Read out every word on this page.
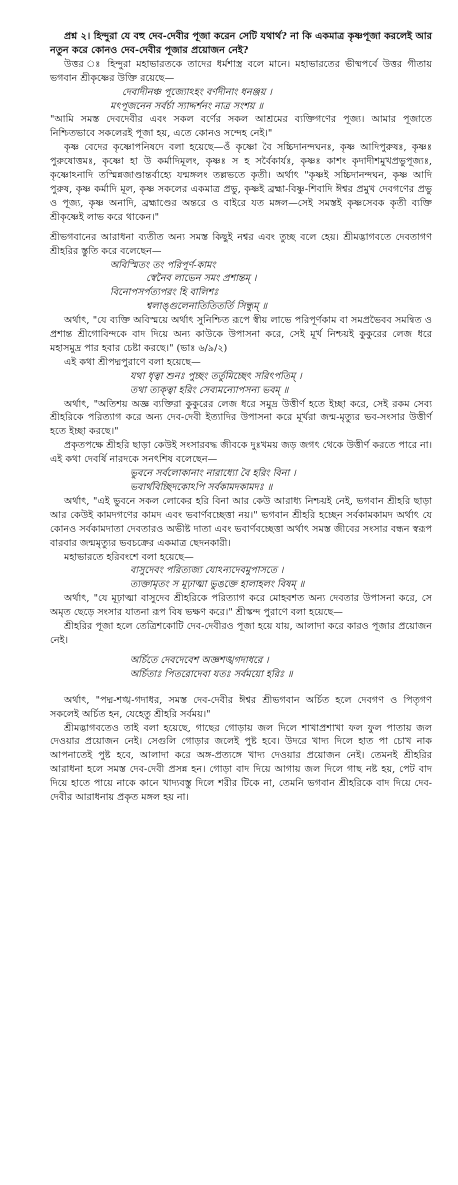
প্রশ্ন ২। হিন্দুরা যে বহু দেব-দেবীর পূজা করেন সেটি যথার্থ? না কি একমাত্র কৃষ্ণপূজা করলেই আর নতুন করে কোনও দেব-দেবীর পূজার প্রয়োজন নেই?

উত্তর ঃ হিন্দুরা মহাভারতকে তাদের ধর্মশাস্ত্র বলে মানে। মহাভারতের ভীষ্মপর্বে উত্তর গীতায় ভগবান শ্রীকৃষ্ণের উক্তি রয়েছে—

দেবাদীনঞ্চ পূজ্যোঽহং বর্ণদীনাং ধনঞ্জয় ।

মৎপূজনেন সর্বর্চা স্যাদ্দর্শনং নাত্র সংশয় ॥

"আমি সমস্ত দেবদেবীর এবং সকল বর্ণের সকল আশ্রমের ব্যক্তিগণের পূজ্য। আমার পূজাতে নিশ্চিতভাবে সকলেরই পূজা হয়, এতে কোনও সন্দেহ নেই।"

কৃষ্ণ বেদের কৃষ্ণোপনিষদে বলা হয়েছে—ওঁ কৃষ্ণো বৈ সচ্চিদানন্দঘনঃ, কৃষ্ণ আদিপুরুষঃ, কৃষ্ণঃ পুরুষোত্তমঃ, কৃষ্ণো হা উ কর্মাদিমূলং, কৃষ্ণঃ স হ সর্বৈকার্যঃ, কৃষ্ণঃ কাশং কৃদাদীশমুখপ্রভুপূজ্যঃ, কৃষ্ণোঽনাদি তস্মিন্নজাণ্ডান্তর্বাহ্যে যন্মঙ্গলং তল্লভতে কৃতী। অর্থাৎ "কৃষ্ণই সচ্চিদানন্দঘন, কৃষ্ণ আদি পুরুষ, কৃষ্ণ কর্মাদি মূল, কৃষ্ণ সকলের একমাত্র প্রভু, কৃষ্ণই ব্রহ্মা-বিষ্ণু-শিবাদি ঈশ্বর প্রমুখ দেবগণের প্রভু ও পূজ্য, কৃষ্ণ অনাদি, ব্রহ্মাণ্ডের অন্তরে ও বাইরে যত মঙ্গল—সেই সমস্তই কৃষ্ণসেবক কৃতী ব্যক্তি শ্রীকৃষ্ণেই লাভ করে থাকেন।"

শ্রীভগবানের আরাধনা ব্যতীত অন্য সমস্ত কিছুই নশ্বর এবং তুচ্ছ বলে হেয়। শ্রীমদ্ভাগবতে দেবতাগণ শ্রীহরির স্তুতি করে বলেছেন—

অবিস্মিতং তং পরিপূর্ণ-কামং

স্বেনৈব লাভেন সমং প্রশান্তম্ ।

বিনোপসর্পত্যপরং হি বালিশঃ

শ্বলাঙ্গুলেনাতিতিতর্তি সিন্ধুম্ ॥

অর্থাৎ, "যে ব্যক্তি অবিস্ময়ে অর্থাৎ সুনিশ্চিত রূপে স্বীয় লাভে পরিপূর্ণকাম বা সমপ্রভৈবব সমন্বিত ও প্রশান্ত শ্রীগোবিন্দকে বাদ দিয়ে অন্য কাউকে উপাসনা করে, সেই মূর্খ নিশ্চয়ই কুকুরের লেজ ধরে মহাসমুদ্র পার হবার চেষ্টা করছে।" (ভাঃ ৬/৯/২)

এই কথা শ্রীপদ্মপুরাণে বলা হয়েছে—

যথা ধৃত্বা শুনঃ পুচ্ছং তর্তুমিচ্ছেৎ সরিৎপতিম্ ।

তথা ত্যক্ত্বা হরিং সেব্যমন্যোপসন্য ভবম্ ॥

অর্থাৎ, "অতিশয় অজ্ঞ ব্যক্তিরা কুকুরের লেজ ধরে সমুদ্র উত্তীর্ণ হতে ইচ্ছা করে, সেই রকম সেব্য শ্রীহরিকে পরিত্যাগ করে অন্য দেব-দেবী ইত্যাদির উপাসনা করে মূর্খরা জন্ম-মৃত্যুর ভব-সংসার উত্তীর্ণ হতে ইচ্ছা করছে।"

প্রকৃতপক্ষে শ্রীহরি ছাড়া কেউই সংসারবদ্ধ জীবকে দুঃখময় জড় জগৎ থেকে উত্তীর্ণ করতে পারে না। এই কথা দেবর্ষি নারদকে সনৎশিষ বলেছেন—

ভুবনে সর্বলোকানাং নারাধ্যো বৈ হরিং বিনা ।

ভবার্থবিচ্ছিদকোঽপি সর্বকামদকামদঃ ॥

অর্থাৎ, "এই ভুবনে সকল লোকের হরি বিনা আর কেউ আরাধ্য নিশ্চয়ই নেই, ভগবান শ্রীহরি ছাড়া আর কেউই কামদগণের কামদ এবং ভবার্ণবচ্ছেত্তা নয়।" ভগবান শ্রীহরি হচ্ছেন সর্বকামকামদ অর্থাৎ যে কোনও সর্বকামদাতা দেবতারও অভীষ্ট দাতা এবং ভবার্ণবচ্ছেত্তা অর্থাৎ সমস্ত জীবের সংসার বন্ধন স্বরূপ বারবার জন্মমৃত্যুর ভবচক্রের একমাত্র ছেদনকারী।

মহাভারতে হরিবংশে বলা হয়েছে—

বাসুদেবং পরিত্যজ্য যোঽন্যদেবমুপাসতে ।

ত্যক্তামৃতং স মূঢ়াত্মা ভুঙক্তে হালাহলং বিষম্ ॥

অর্থাৎ, "যে মূঢ়াত্মা বাসুদেব শ্রীহরিকে পরিত্যাগ করে মোহবশত অন্য দেবতার উপাসনা করে, সে অমৃত ছেড়ে সংসার যাতনা রূপ বিষ ভক্ষণ করে।" শ্রীস্কন্দ পুরাণে বলা হয়েছে—

শ্রীহরির পূজা হলে তেত্রিশকোটি দেব-দেবীরও পূজা হয়ে যায়, আলাদা করে কারও পূজার প্রয়োজন নেই।

অর্চিতে দেবদেবেশ অজ্ঞশঙ্খগদাধরে ।

অর্চিতাঃ পিতরোদেবা যতঃ সর্বময়ো হরিঃ ॥

অর্থাৎ, "পদ্ম-শঙ্খ-গদাধর, সমস্ত দেব-দেবীর ঈশ্বর শ্রীভগবান অর্চিত হলে দেবগণ ও পিতৃগণ সকলেই অর্চিত হন, যেহেতু শ্রীহরি সর্বময়।"

শ্রীমদ্ভাগবতেও তাই বলা হয়েছে, গাছের গোড়ায় জল দিলে শাখাপ্রশাখা ফল ফুল পাতায় জল দেওয়ার প্রয়োজন নেই। সেগুলি গোড়ার জলেই পুষ্ট হবে। উদরে খাদ্য দিলে হাত পা চোখ নাক আপনাতেই পুষ্ট হবে, আলাদা করে অঙ্গ-প্রত্যঙ্গে খাদ্য দেওয়ার প্রয়োজন নেই। তেমনই শ্রীহরির আরাধনা হলে সমস্ত দেব-দেবী প্রসন্ন হন। গোড়া বাদ দিয়ে আগায় জল দিলে গাছ নষ্ট হয়, পেট বাদ দিয়ে হাতে পায়ে নাকে কানে খাদ্যবস্তু দিলে শরীর টিকে না, তেমনি ভগবান শ্রীহরিকে বাদ দিয়ে দেব-দেবীর আরাধনায় প্রকৃত মঙ্গল হয় না।
